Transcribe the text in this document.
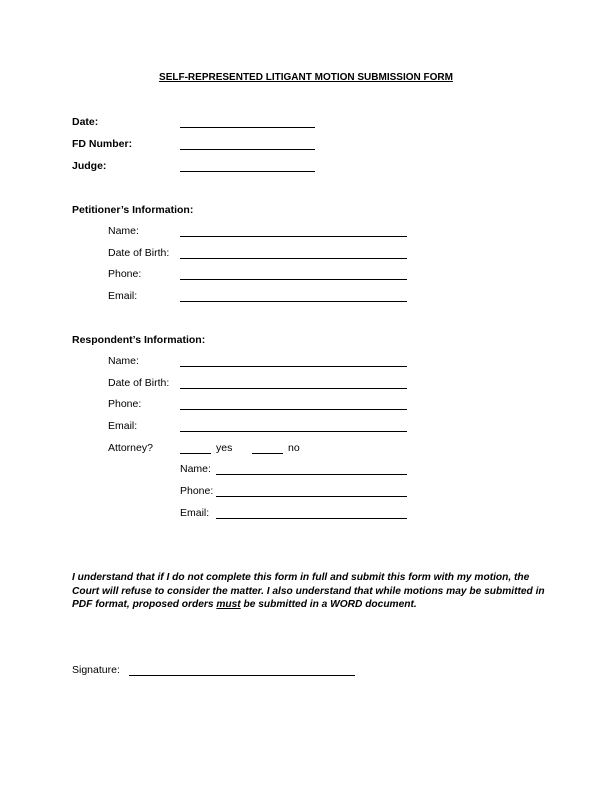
SELF-REPRESENTED LITIGANT MOTION SUBMISSION FORM
Date:
FD Number:
Judge:
Petitioner’s Information:
Name:
Date of Birth:
Phone:
Email:
Respondent’s Information:
Name:
Date of Birth:
Phone:
Email:
Attorney?	yes	no
Name:
Phone:
Email:
I understand that if I do not complete this form in full and submit this form with my motion, the Court will refuse to consider the matter. I also understand that while motions may be submitted in PDF format, proposed orders must be submitted in a WORD document.
Signature:
